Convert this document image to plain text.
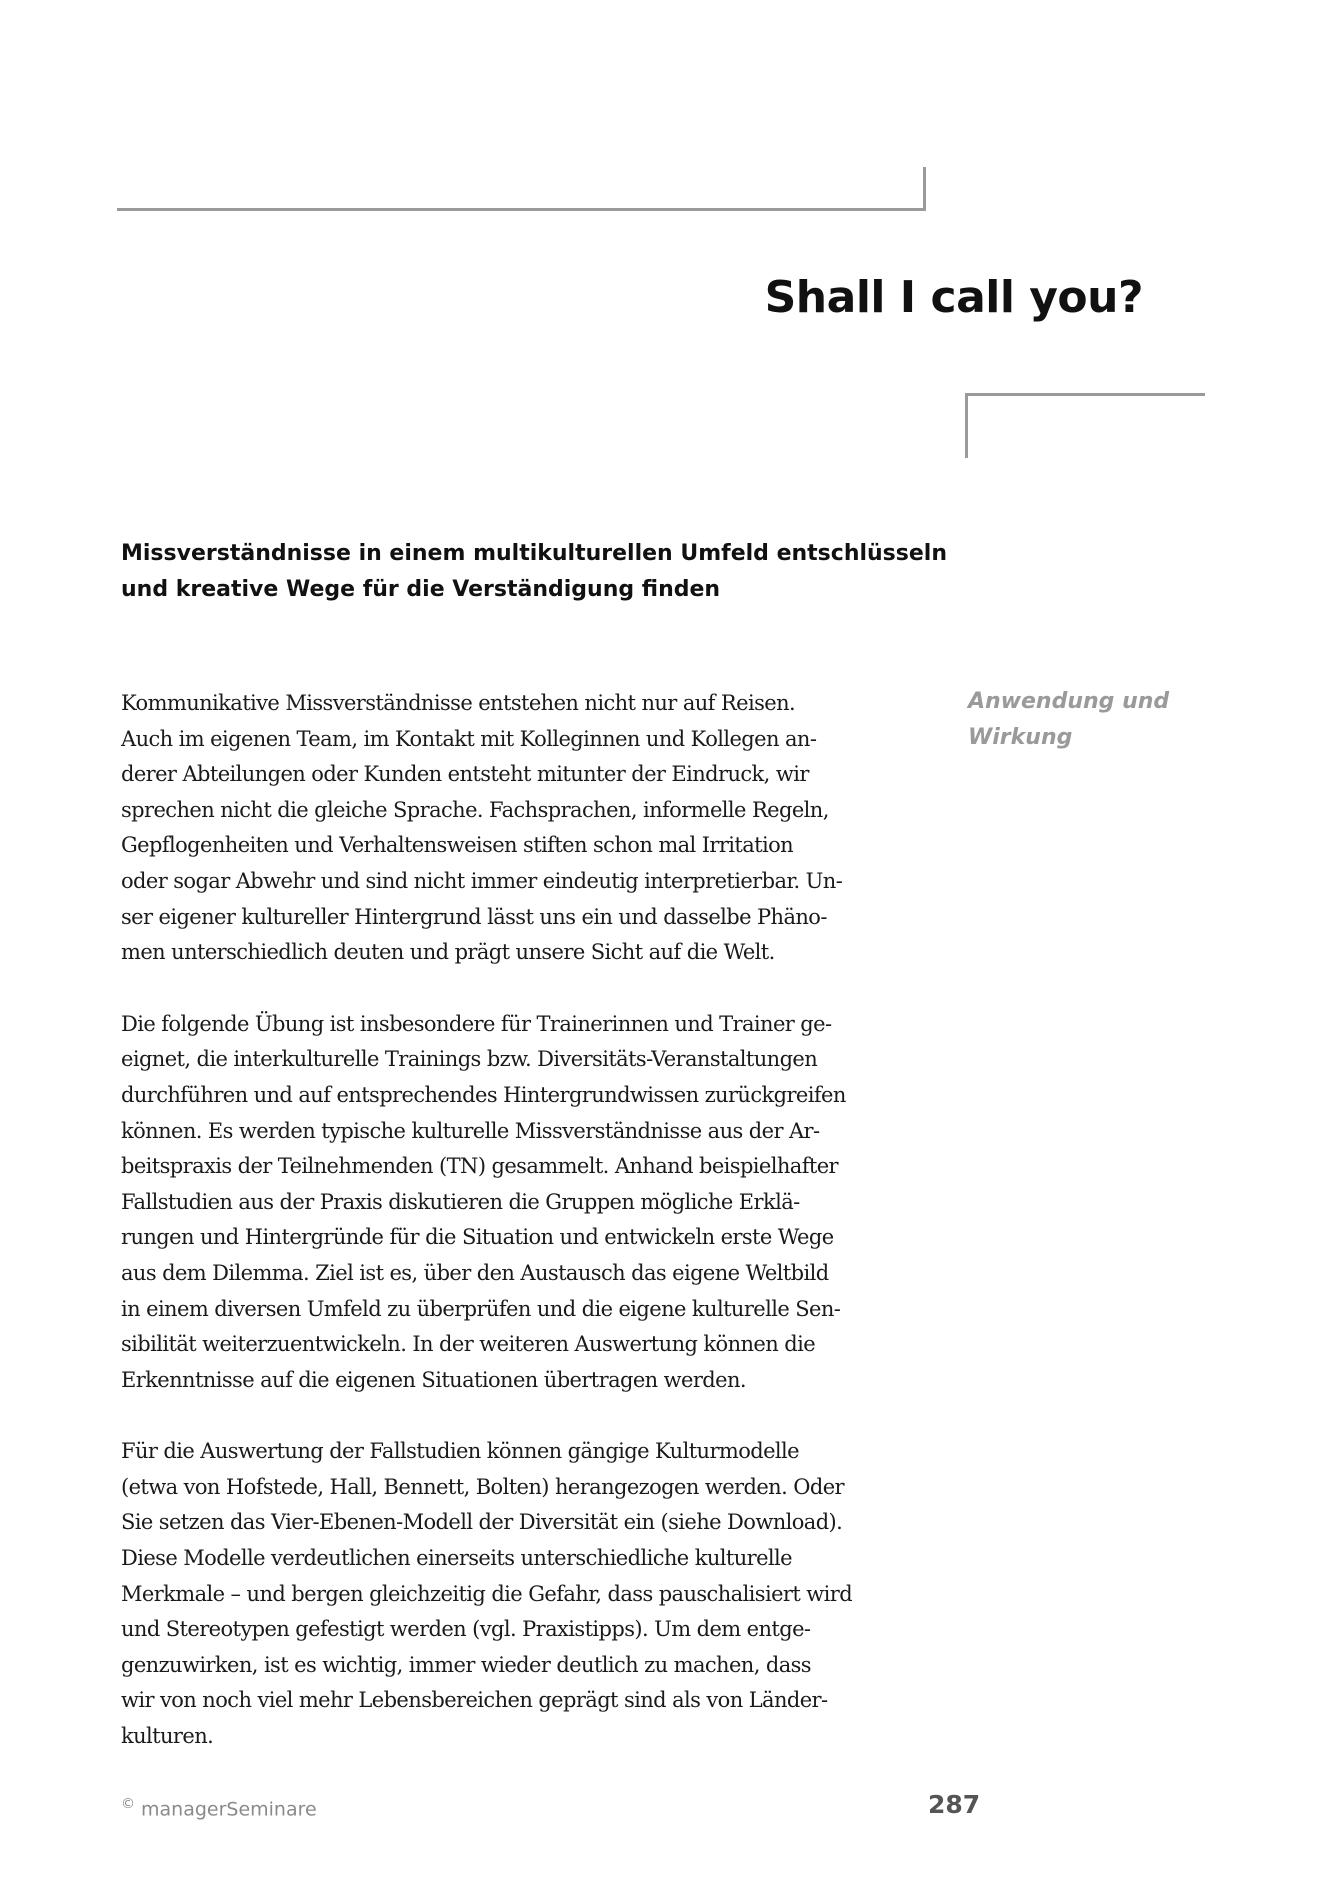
Shall I call you?
Missverständnisse in einem multikulturellen Umfeld entschlüsseln
und kreative Wege für die Verständigung finden
Anwendung und
Wirkung

Kommunikative Missverständnisse entstehen nicht nur auf Reisen.
Auch im eigenen Team, im Kontakt mit Kolleginnen und Kollegen an-
derer Abteilungen oder Kunden entsteht mitunter der Eindruck, wir
sprechen nicht die gleiche Sprache. Fachsprachen, informelle Regeln,
Gepflogenheiten und Verhaltensweisen stiften schon mal Irritation
oder sogar Abwehr und sind nicht immer eindeutig interpretierbar. Un-
ser eigener kultureller Hintergrund lässt uns ein und dasselbe Phäno-
men unterschiedlich deuten und prägt unsere Sicht auf die Welt.

Die folgende Übung ist insbesondere für Trainerinnen und Trainer ge-
eignet, die interkulturelle Trainings bzw. Diversitäts-Veranstaltungen
durchführen und auf entsprechendes Hintergrundwissen zurückgreifen
können. Es werden typische kulturelle Missverständnisse aus der Ar-
beitspraxis der Teilnehmenden (TN) gesammelt. Anhand beispielhafter
Fallstudien aus der Praxis diskutieren die Gruppen mögliche Erklä-
rungen und Hintergründe für die Situation und entwickeln erste Wege
aus dem Dilemma. Ziel ist es, über den Austausch das eigene Weltbild
in einem diversen Umfeld zu überprüfen und die eigene kulturelle Sen-
sibilität weiterzuentwickeln. In der weiteren Auswertung können die
Erkenntnisse auf die eigenen Situationen übertragen werden.

Für die Auswertung der Fallstudien können gängige Kulturmodelle
(etwa von Hofstede, Hall, Bennett, Bolten) herangezogen werden. Oder
Sie setzen das Vier-Ebenen-Modell der Diversität ein (siehe Download).
Diese Modelle verdeutlichen einerseits unterschiedliche kulturelle
Merkmale – und bergen gleichzeitig die Gefahr, dass pauschalisiert wird
und Stereotypen gefestigt werden (vgl. Praxistipps). Um dem entge-
genzuwirken, ist es wichtig, immer wieder deutlich zu machen, dass
wir von noch viel mehr Lebensbereichen geprägt sind als von Länder-
kulturen.

© managerSeminare	287
